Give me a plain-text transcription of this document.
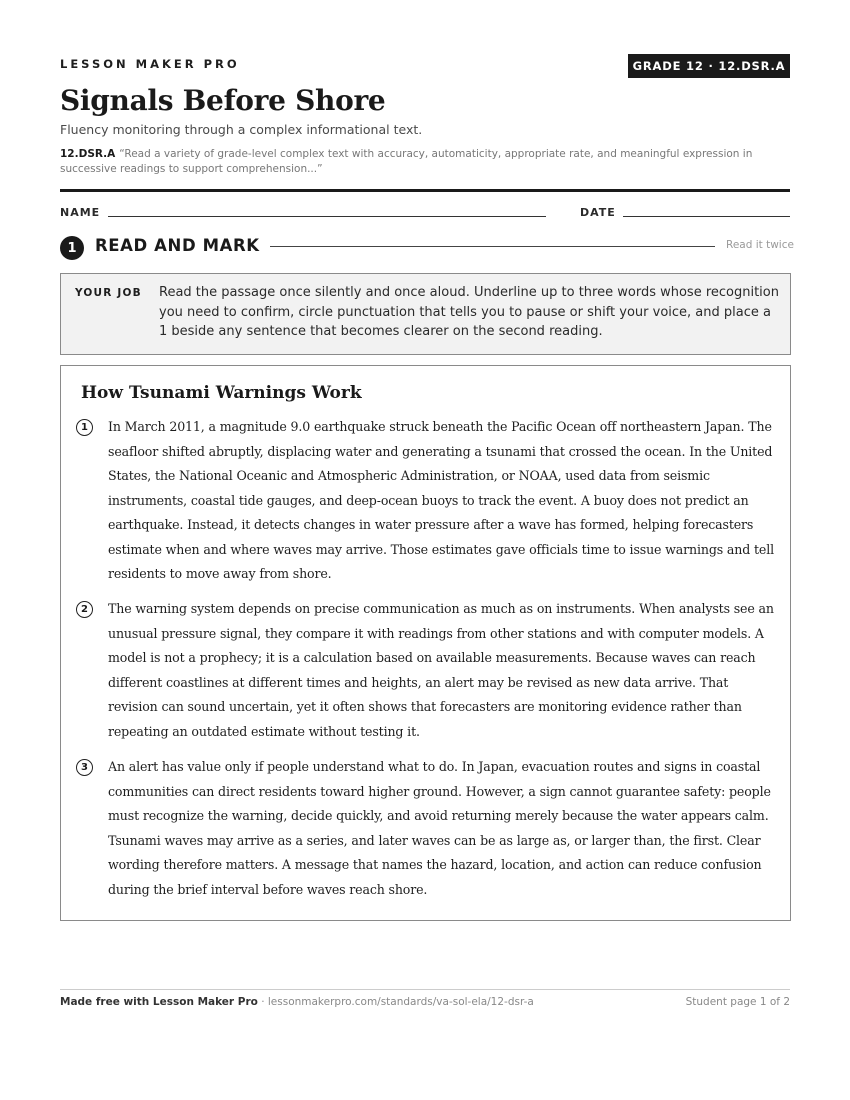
LESSON MAKER PRO	GRADE 12 · 12.DSR.A
Signals Before Shore
Fluency monitoring through a complex informational text.
12.DSR.A “Read a variety of grade-level complex text with accuracy, automaticity, appropriate rate, and meaningful expression in successive readings to support comprehension...”
NAME	DATE
1	READ AND MARK	Read it twice
YOUR JOB Read the passage once silently and once aloud. Underline up to three words whose recognition you need to confirm, circle punctuation that tells you to pause or shift your voice, and place a 1 beside any sentence that becomes clearer on the second reading.
How Tsunami Warnings Work
1	In March 2011, a magnitude 9.0 earthquake struck beneath the Pacific Ocean off northeastern Japan. The seafloor shifted abruptly, displacing water and generating a tsunami that crossed the ocean. In the United States, the National Oceanic and Atmospheric Administration, or NOAA, used data from seismic instruments, coastal tide gauges, and deep-ocean buoys to track the event. A buoy does not predict an earthquake. Instead, it detects changes in water pressure after a wave has formed, helping forecasters estimate when and where waves may arrive. Those estimates gave officials time to issue warnings and tell residents to move away from shore.
2	The warning system depends on precise communication as much as on instruments. When analysts see an unusual pressure signal, they compare it with readings from other stations and with computer models. A model is not a prophecy; it is a calculation based on available measurements. Because waves can reach different coastlines at different times and heights, an alert may be revised as new data arrive. That revision can sound uncertain, yet it often shows that forecasters are monitoring evidence rather than repeating an outdated estimate without testing it.
3	An alert has value only if people understand what to do. In Japan, evacuation routes and signs in coastal communities can direct residents toward higher ground. However, a sign cannot guarantee safety: people must recognize the warning, decide quickly, and avoid returning merely because the water appears calm. Tsunami waves may arrive as a series, and later waves can be as large as, or larger than, the first. Clear wording therefore matters. A message that names the hazard, location, and action can reduce confusion during the brief interval before waves reach shore.
Made free with Lesson Maker Pro · lessonmakerpro.com/standards/va-sol-ela/12-dsr-a	Student page 1 of 2
